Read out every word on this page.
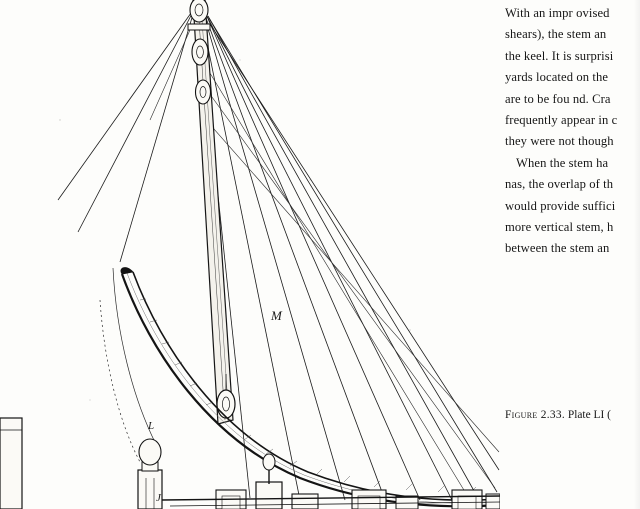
M
L
J

With an impr ovised

shears), the stem an

the keel. It is surprisi

yards located on the

are to be fou nd. Cra

frequently appear in c

they were not though

When the stem ha

nas, the overlap of th

would provide suffici

more vertical stem, h

between the stem an

Figure 2.33. Plate LI (
